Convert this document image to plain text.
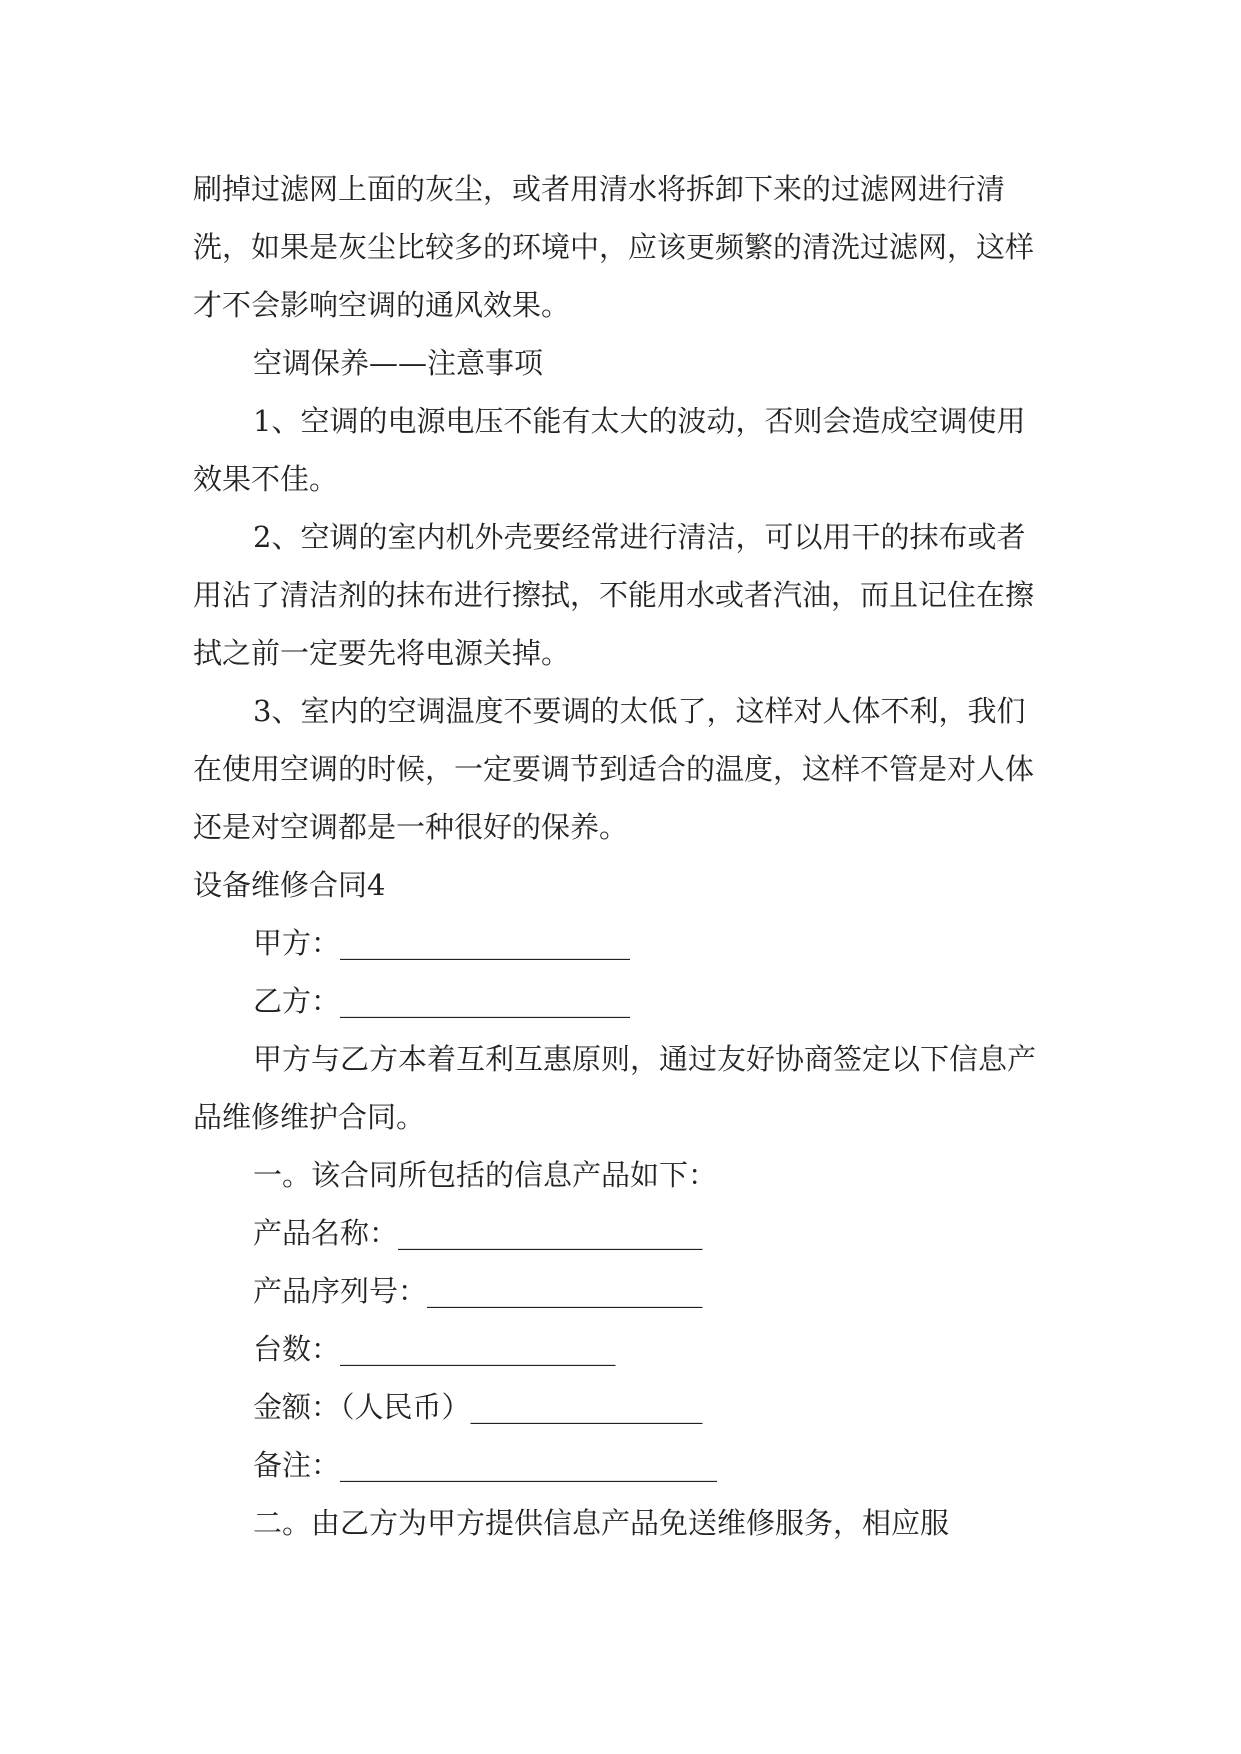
刷掉过滤网上面的灰尘，或者用清水将拆卸下来的过滤网进行清洗，如果是灰尘比较多的环境中，应该更频繁的清洗过滤网，这样才不会影响空调的通风效果。

空调保养——注意事项

1、空调的电源电压不能有太大的波动，否则会造成空调使用效果不佳。

2、空调的室内机外壳要经常进行清洁，可以用干的抹布或者用沾了清洁剂的抹布进行擦拭，不能用水或者汽油，而且记住在擦拭之前一定要先将电源关掉。

3、室内的空调温度不要调的太低了，这样对人体不利，我们在使用空调的时候，一定要调节到适合的温度，这样不管是对人体还是对空调都是一种很好的保养。

设备维修合同4

甲方：____________________

乙方：____________________

甲方与乙方本着互利互惠原则，通过友好协商签定以下信息产品维修维护合同。

一。该合同所包括的信息产品如下：

产品名称：_____________________

产品序列号：___________________

台数：___________________

金额：（人民币）________________

备注：__________________________

二。由乙方为甲方提供信息产品免送维修服务，相应服
